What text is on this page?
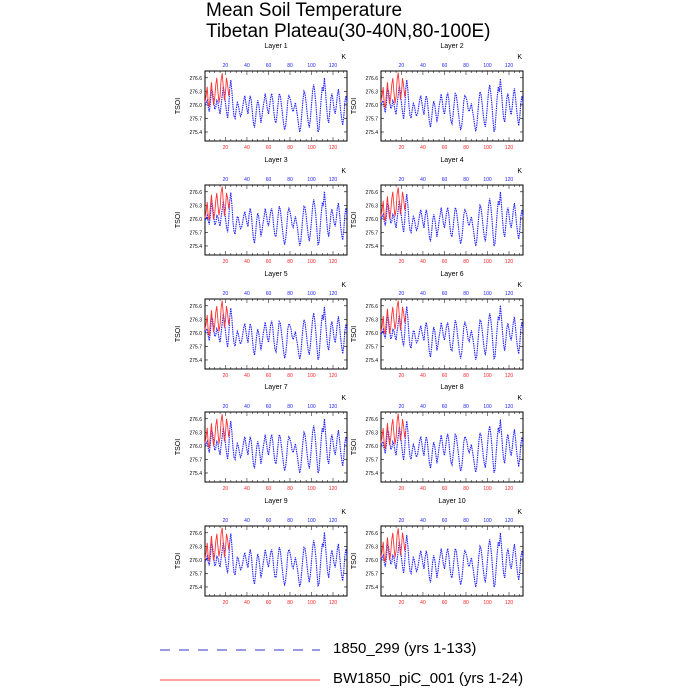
Mean Soil Temperature
Tibetan Plateau(30-40N,80-100E)
Layer 1
K
TSOI
276.6
276.3
276.0
275.7
275.4
20	40	60	80	100	120
20	40	60	80	100	120
Layer 2
K
TSOI
276.6
276.3
276.0
275.7
275.4
20	40	60	80	100	120
20	40	60	80	100	120
Layer 3
K
TSOI
276.6
276.3
276.0
275.7
275.4
20	40	60	80	100	120
20	40	60	80	100	120
Layer 4
K
TSOI
276.6
276.3
276.0
275.7
275.4
20	40	60	80	100	120
20	40	60	80	100	120
Layer 5
K
TSOI
276.6
276.3
276.0
275.7
275.4
20	40	60	80	100	120
20	40	60	80	100	120
Layer 6
K
TSOI
276.6
276.3
276.0
275.7
275.4
20	40	60	80	100	120
20	40	60	80	100	120
Layer 7
K
TSOI
276.6
276.3
276.0
275.7
275.4
20	40	60	80	100	120
20	40	60	80	100	120
Layer 8
K
TSOI
276.6
276.3
276.0
275.7
275.4
20	40	60	80	100	120
20	40	60	80	100	120
Layer 9
K
TSOI
276.6
276.3
276.0
275.7
275.4
20	40	60	80	100	120
20	40	60	80	100	120
Layer 10
K
TSOI
276.6
276.3
276.0
275.7
275.4
20	40	60	80	100	120
20	40	60	80	100	120
1850_299 (yrs 1-133)
BW1850_piC_001 (yrs 1-24)
